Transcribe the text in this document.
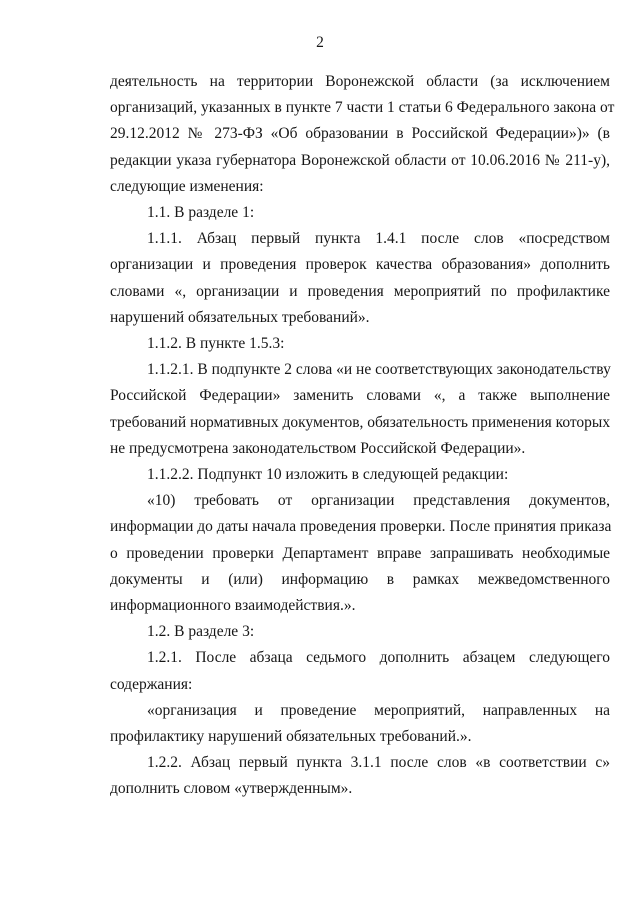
2

деятельность на территории Воронежской области (за исключением
организаций, указанных в пункте 7 части 1 статьи 6 Федерального закона от
29.12.2012 № 273-ФЗ «Об образовании в Российской Федерации»)» (в
редакции указа губернатора Воронежской области от 10.06.2016 № 211-у),
следующие изменения:

1.1. В разделе 1:

1.1.1. Абзац первый пункта 1.4.1 после слов «посредством
организации и проведения проверок качества образования» дополнить
словами «, организации и проведения мероприятий по профилактике
нарушений обязательных требований».

1.1.2. В пункте 1.5.3:

1.1.2.1. В подпункте 2 слова «и не соответствующих законодательству
Российской Федерации» заменить словами «, а также выполнение
требований нормативных документов, обязательность применения которых
не предусмотрена законодательством Российской Федерации».

1.1.2.2. Подпункт 10 изложить в следующей редакции:

«10) требовать от организации представления документов,
информации до даты начала проведения проверки. После принятия приказа
о проведении проверки Департамент вправе запрашивать необходимые
документы и (или) информацию в рамках межведомственного
информационного взаимодействия.».

1.2. В разделе 3:

1.2.1. После абзаца седьмого дополнить абзацем следующего
содержания:

«организация и проведение мероприятий, направленных на
профилактику нарушений обязательных требований.».

1.2.2. Абзац первый пункта 3.1.1 после слов «в соответствии с»
дополнить словом «утвержденным».
